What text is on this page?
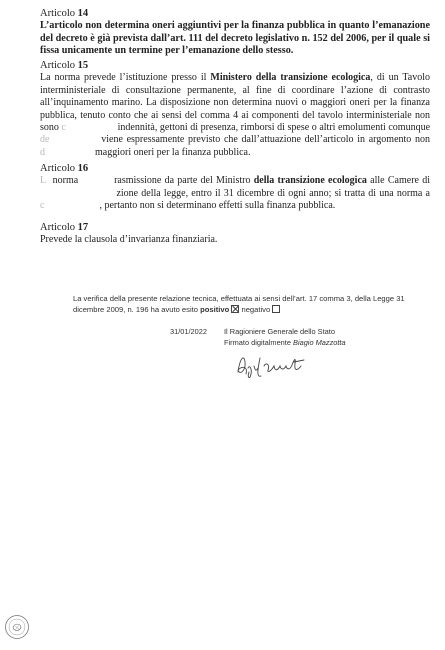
Articolo 14

L’articolo non determina oneri aggiuntivi per la finanza pubblica in quanto l’emanazione del decreto è già prevista dall’art. 111 del decreto legislativo n. 152 del 2006, per il quale si fissa unicamente un termine per l’emanazione dello stesso.

Articolo 15

La norma prevede l’istituzione presso il Ministero della transizione ecologica, di un Tavolo interministeriale di consultazione permanente, al fine di coordinare l’azione di contrasto all’inquinamento marino. La disposizione non determina nuovi o maggiori oneri per la finanza pubblica, tenuto conto che ai sensi del comma 4 ai componenti del tavolo interministeriale non sono c	indennità, gettoni di presenza, rimborsi di spese o altri emolumenti comunque de	viene espressamente previsto che dall’attuazione dell’articolo in argomento non d	maggiori oneri per la finanza pubblica.

Articolo 16

L norma	rasmissione da parte del Ministro della transizione ecologica alle Camere di                         zione della legge, entro il 31 dicembre di ogni anno; si tratta di una norma a c	, pertanto non si determinano effetti sulla finanza pubblica.

Articolo 17

Prevede la clausola d’invarianza finanziaria.

La verifica della presente relazione tecnica, effettuata ai sensi dell’art. 17 comma 3, della Legge 31
dicembre 2009, n. 196 ha avuto esito positivo negativo
31/01/2022 Il Ragioniere Generale dello Stato
Firmato digitalmente Biagio Mazzotta
